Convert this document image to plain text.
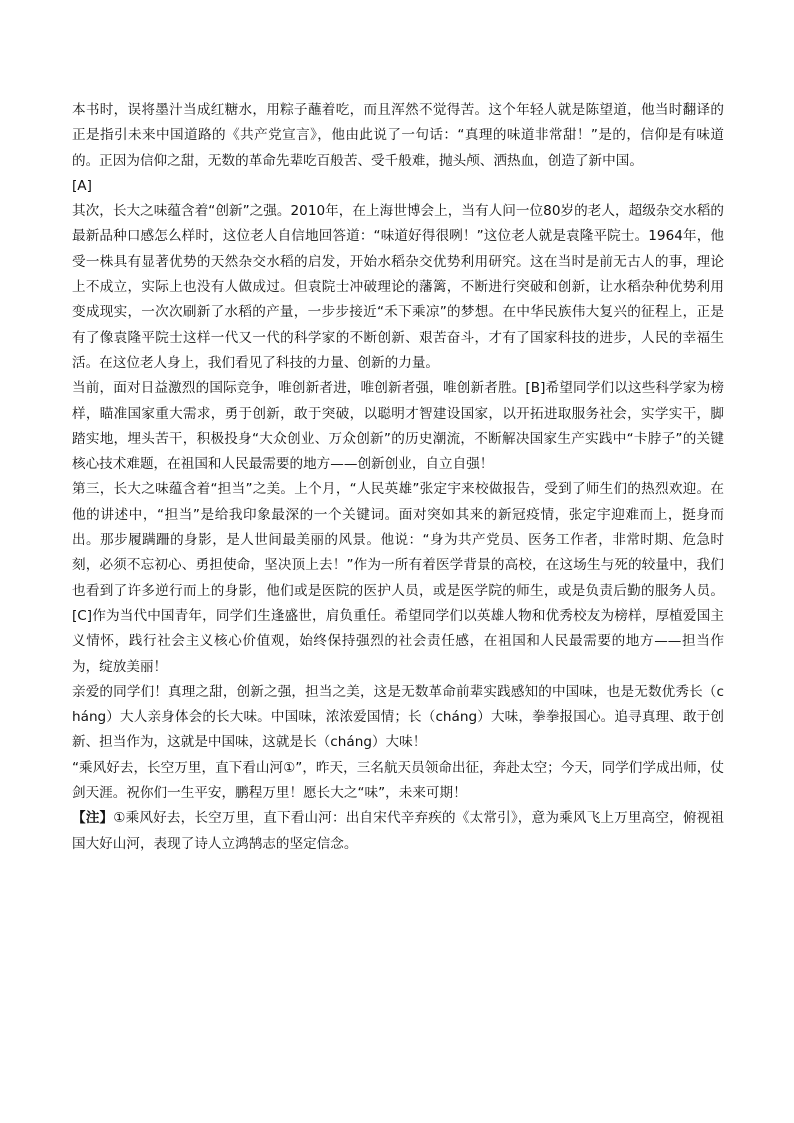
本书时，误将墨汁当成红糖水，用粽子蘸着吃，而且浑然不觉得苦。这个年轻人就是陈望道，他当时翻译的正是指引未来中国道路的《共产党宣言》，他由此说了一句话：“真理的味道非常甜！”是的，信仰是有味道的。正因为信仰之甜，无数的革命先辈吃百般苦、受千般难，抛头颅、洒热血，创造了新中国。

[A]

其次，长大之味蕴含着“创新”之强。2010年，在上海世博会上，当有人问一位80岁的老人，超级杂交水稻的最新品种口感怎么样时，这位老人自信地回答道：“味道好得很咧！”这位老人就是袁隆平院士。1964年，他受一株具有显著优势的天然杂交水稻的启发，开始水稻杂交优势利用研究。这在当时是前无古人的事，理论上不成立，实际上也没有人做成过。但袁院士冲破理论的藩篱，不断进行突破和创新，让水稻杂种优势利用变成现实，一次次刷新了水稻的产量，一步步接近“禾下乘凉”的梦想。在中华民族伟大复兴的征程上，正是有了像袁隆平院士这样一代又一代的科学家的不断创新、艰苦奋斗，才有了国家科技的进步，人民的幸福生活。在这位老人身上，我们看见了科技的力量、创新的力量。

当前，面对日益激烈的国际竞争，唯创新者进，唯创新者强，唯创新者胜。[B]希望同学们以这些科学家为榜样，瞄准国家重大需求，勇于创新，敢于突破，以聪明才智建设国家，以开拓进取服务社会，实学实干，脚踏实地，埋头苦干，积极投身“大众创业、万众创新”的历史潮流，不断解决国家生产实践中“卡脖子”的关键核心技术难题，在祖国和人民最需要的地方——创新创业，自立自强！

第三，长大之味蕴含着“担当”之美。上个月，“人民英雄”张定宇来校做报告，受到了师生们的热烈欢迎。在他的讲述中，“担当”是给我印象最深的一个关键词。面对突如其来的新冠疫情，张定宇迎难而上，挺身而出。那步履蹒跚的身影，是人世间最美丽的风景。他说：“身为共产党员、医务工作者，非常时期、危急时刻，必须不忘初心、勇担使命，坚决顶上去！”作为一所有着医学背景的高校，在这场生与死的较量中，我们也看到了许多逆行而上的身影，他们或是医院的医护人员，或是医学院的师生，或是负责后勤的服务人员。[C]作为当代中国青年，同学们生逢盛世，肩负重任。希望同学们以英雄人物和优秀校友为榜样，厚植爱国主义情怀，践行社会主义核心价值观，始终保持强烈的社会责任感，在祖国和人民最需要的地方——担当作为，绽放美丽！

亲爱的同学们！真理之甜，创新之强，担当之美，这是无数革命前辈实践感知的中国味，也是无数优秀长（cháng）大人亲身体会的长大味。中国味，浓浓爱国情；长（cháng）大味，拳拳报国心。追寻真理、敢于创新、担当作为，这就是中国味，这就是长（cháng）大味！

“乘风好去，长空万里，直下看山河①”，昨天，三名航天员领命出征，奔赴太空；今天，同学们学成出师，仗剑天涯。祝你们一生平安，鹏程万里！愿长大之“味”，未来可期！

【注】①乘风好去，长空万里，直下看山河：出自宋代辛弃疾的《太常引》，意为乘风飞上万里高空，俯视祖国大好山河，表现了诗人立鸿鹄志的坚定信念。
